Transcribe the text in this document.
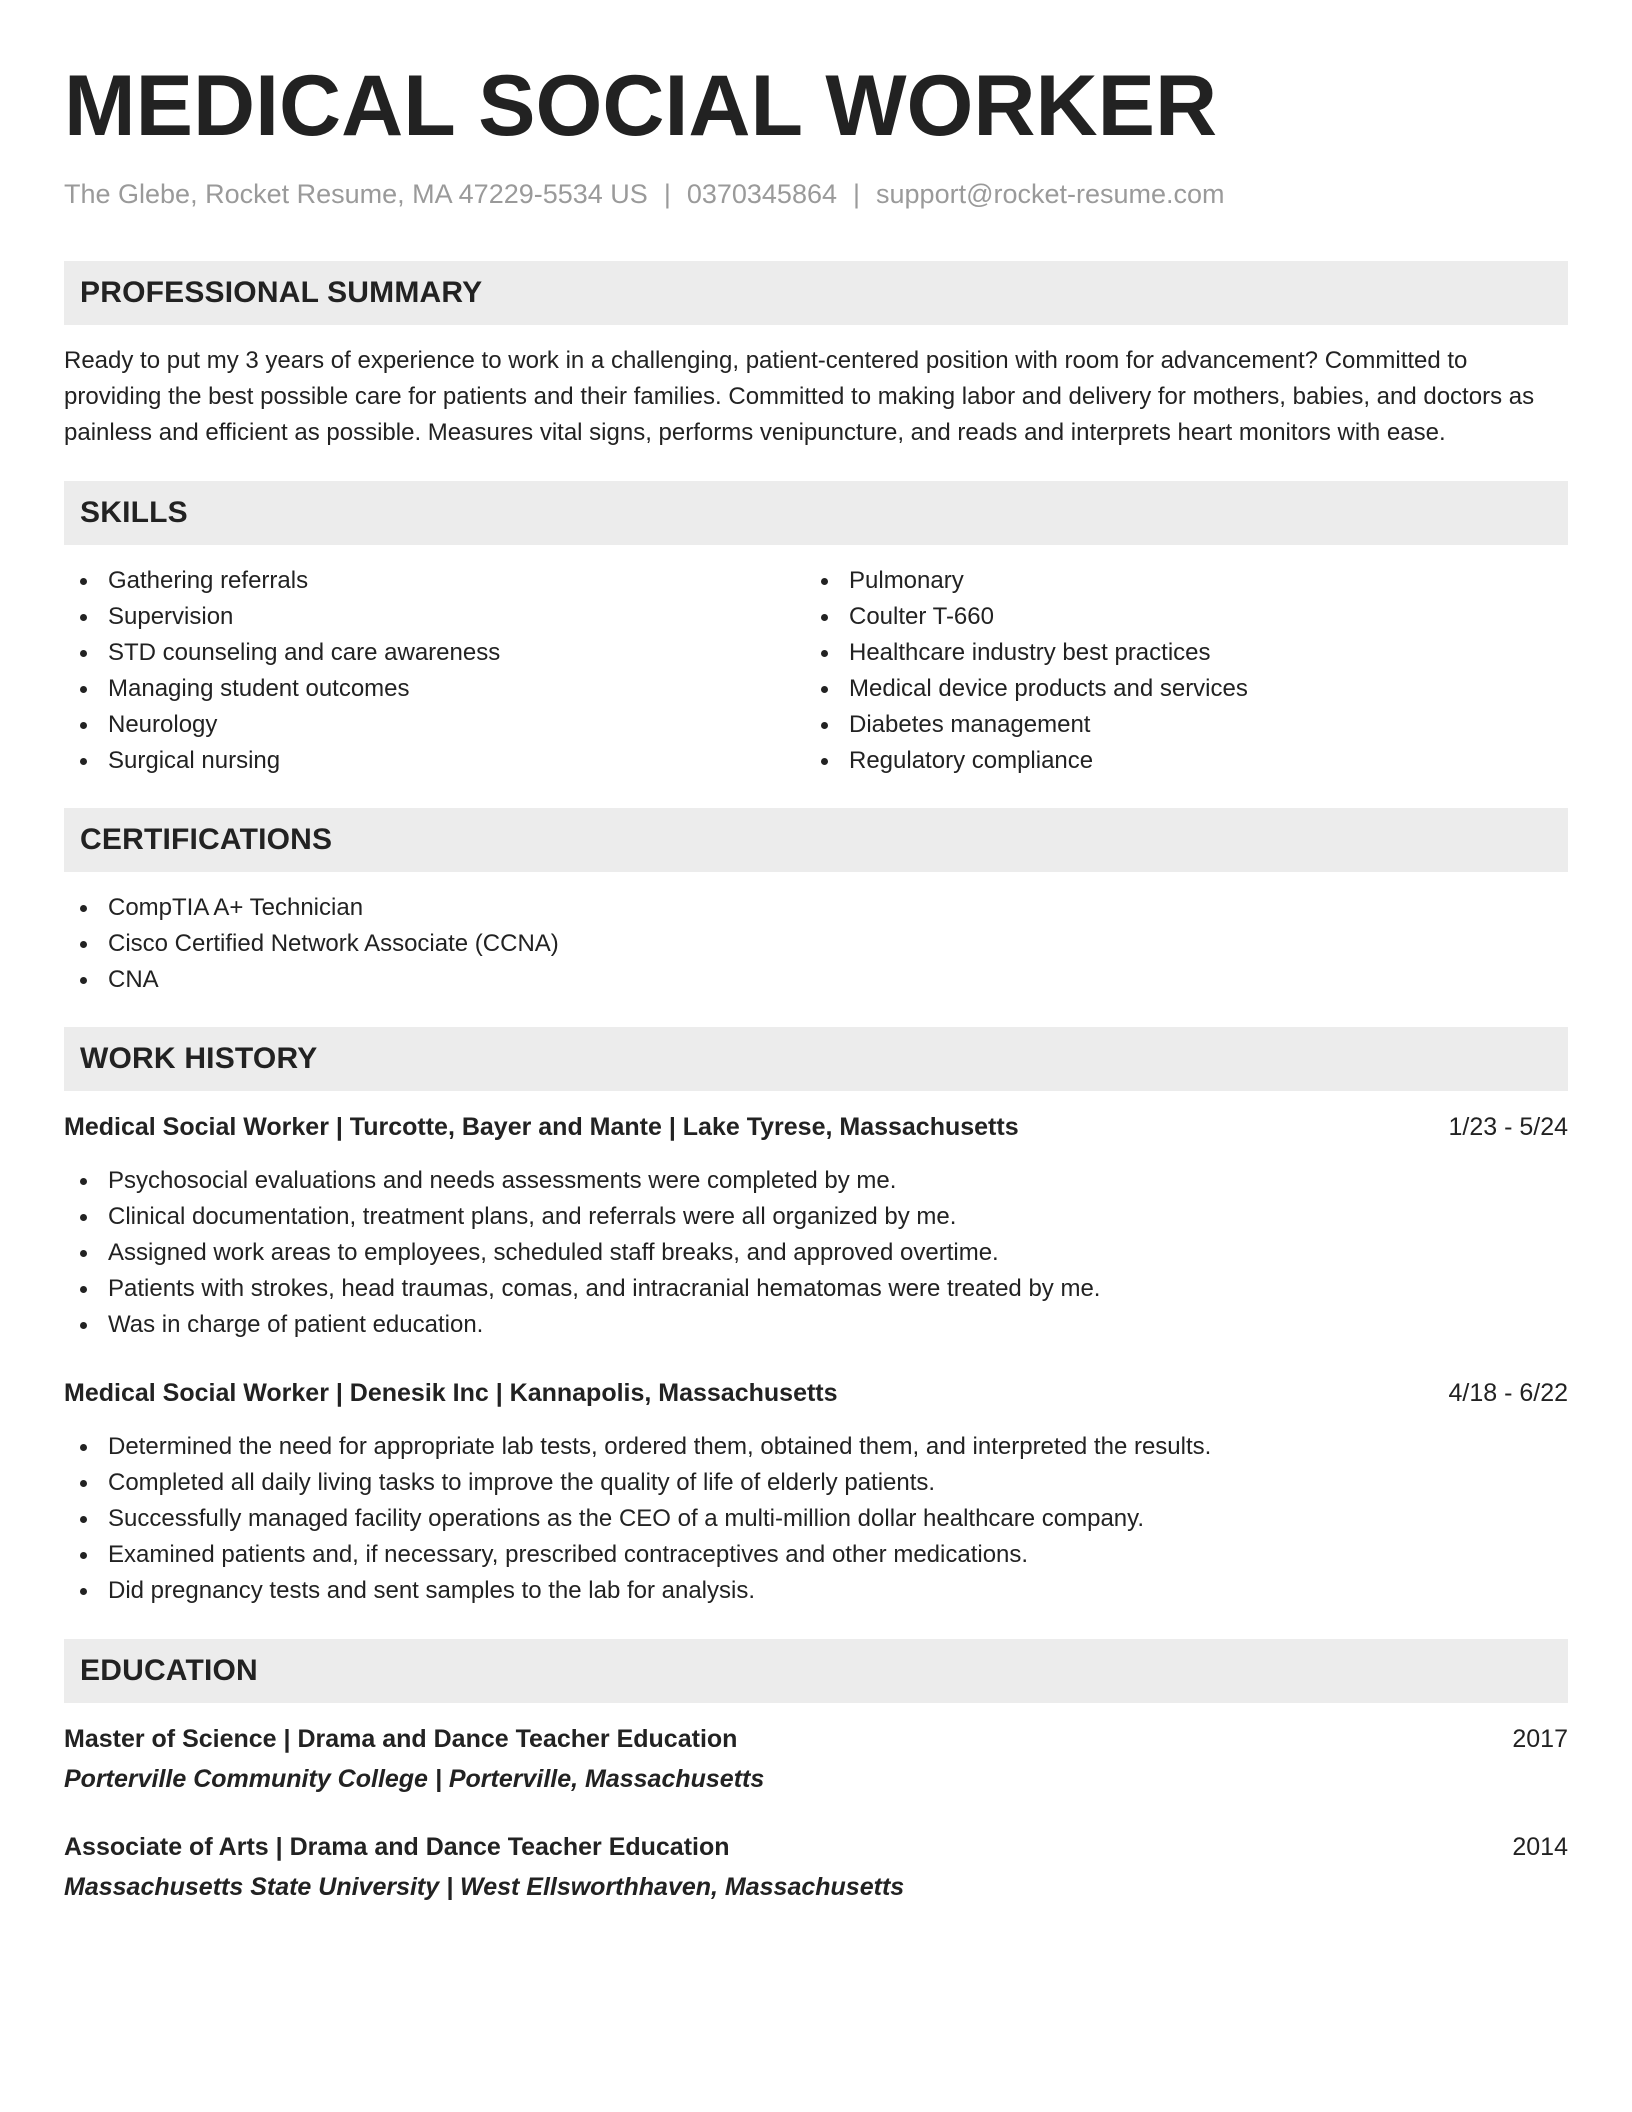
MEDICAL SOCIAL WORKER
The Glebe, Rocket Resume, MA 47229-5534 US | 0370345864 | support@rocket-resume.com
PROFESSIONAL SUMMARY

Ready to put my 3 years of experience to work in a challenging, patient-centered position with room for advancement? Committed to providing the best possible care for patients and their families. Committed to making labor and delivery for mothers, babies, and doctors as painless and efficient as possible. Measures vital signs, performs venipuncture, and reads and interprets heart monitors with ease.

SKILLS
Gathering referrals
Supervision
STD counseling and care awareness
Managing student outcomes
Neurology
Surgical nursing
Pulmonary
Coulter T-660
Healthcare industry best practices
Medical device products and services
Diabetes management
Regulatory compliance
CERTIFICATIONS
CompTIA A+ Technician
Cisco Certified Network Associate (CCNA)
CNA
WORK HISTORY
Medical Social Worker | Turcotte, Bayer and Mante | Lake Tyrese, Massachusetts	1/23 - 5/24
Psychosocial evaluations and needs assessments were completed by me.
Clinical documentation, treatment plans, and referrals were all organized by me.
Assigned work areas to employees, scheduled staff breaks, and approved overtime.
Patients with strokes, head traumas, comas, and intracranial hematomas were treated by me.
Was in charge of patient education.
Medical Social Worker | Denesik Inc | Kannapolis, Massachusetts	4/18 - 6/22
Determined the need for appropriate lab tests, ordered them, obtained them, and interpreted the results.
Completed all daily living tasks to improve the quality of life of elderly patients.
Successfully managed facility operations as the CEO of a multi-million dollar healthcare company.
Examined patients and, if necessary, prescribed contraceptives and other medications.
Did pregnancy tests and sent samples to the lab for analysis.
EDUCATION
Master of Science | Drama and Dance Teacher Education	2017
Porterville Community College | Porterville, Massachusetts
Associate of Arts | Drama and Dance Teacher Education	2014
Massachusetts State University | West Ellsworthhaven, Massachusetts
